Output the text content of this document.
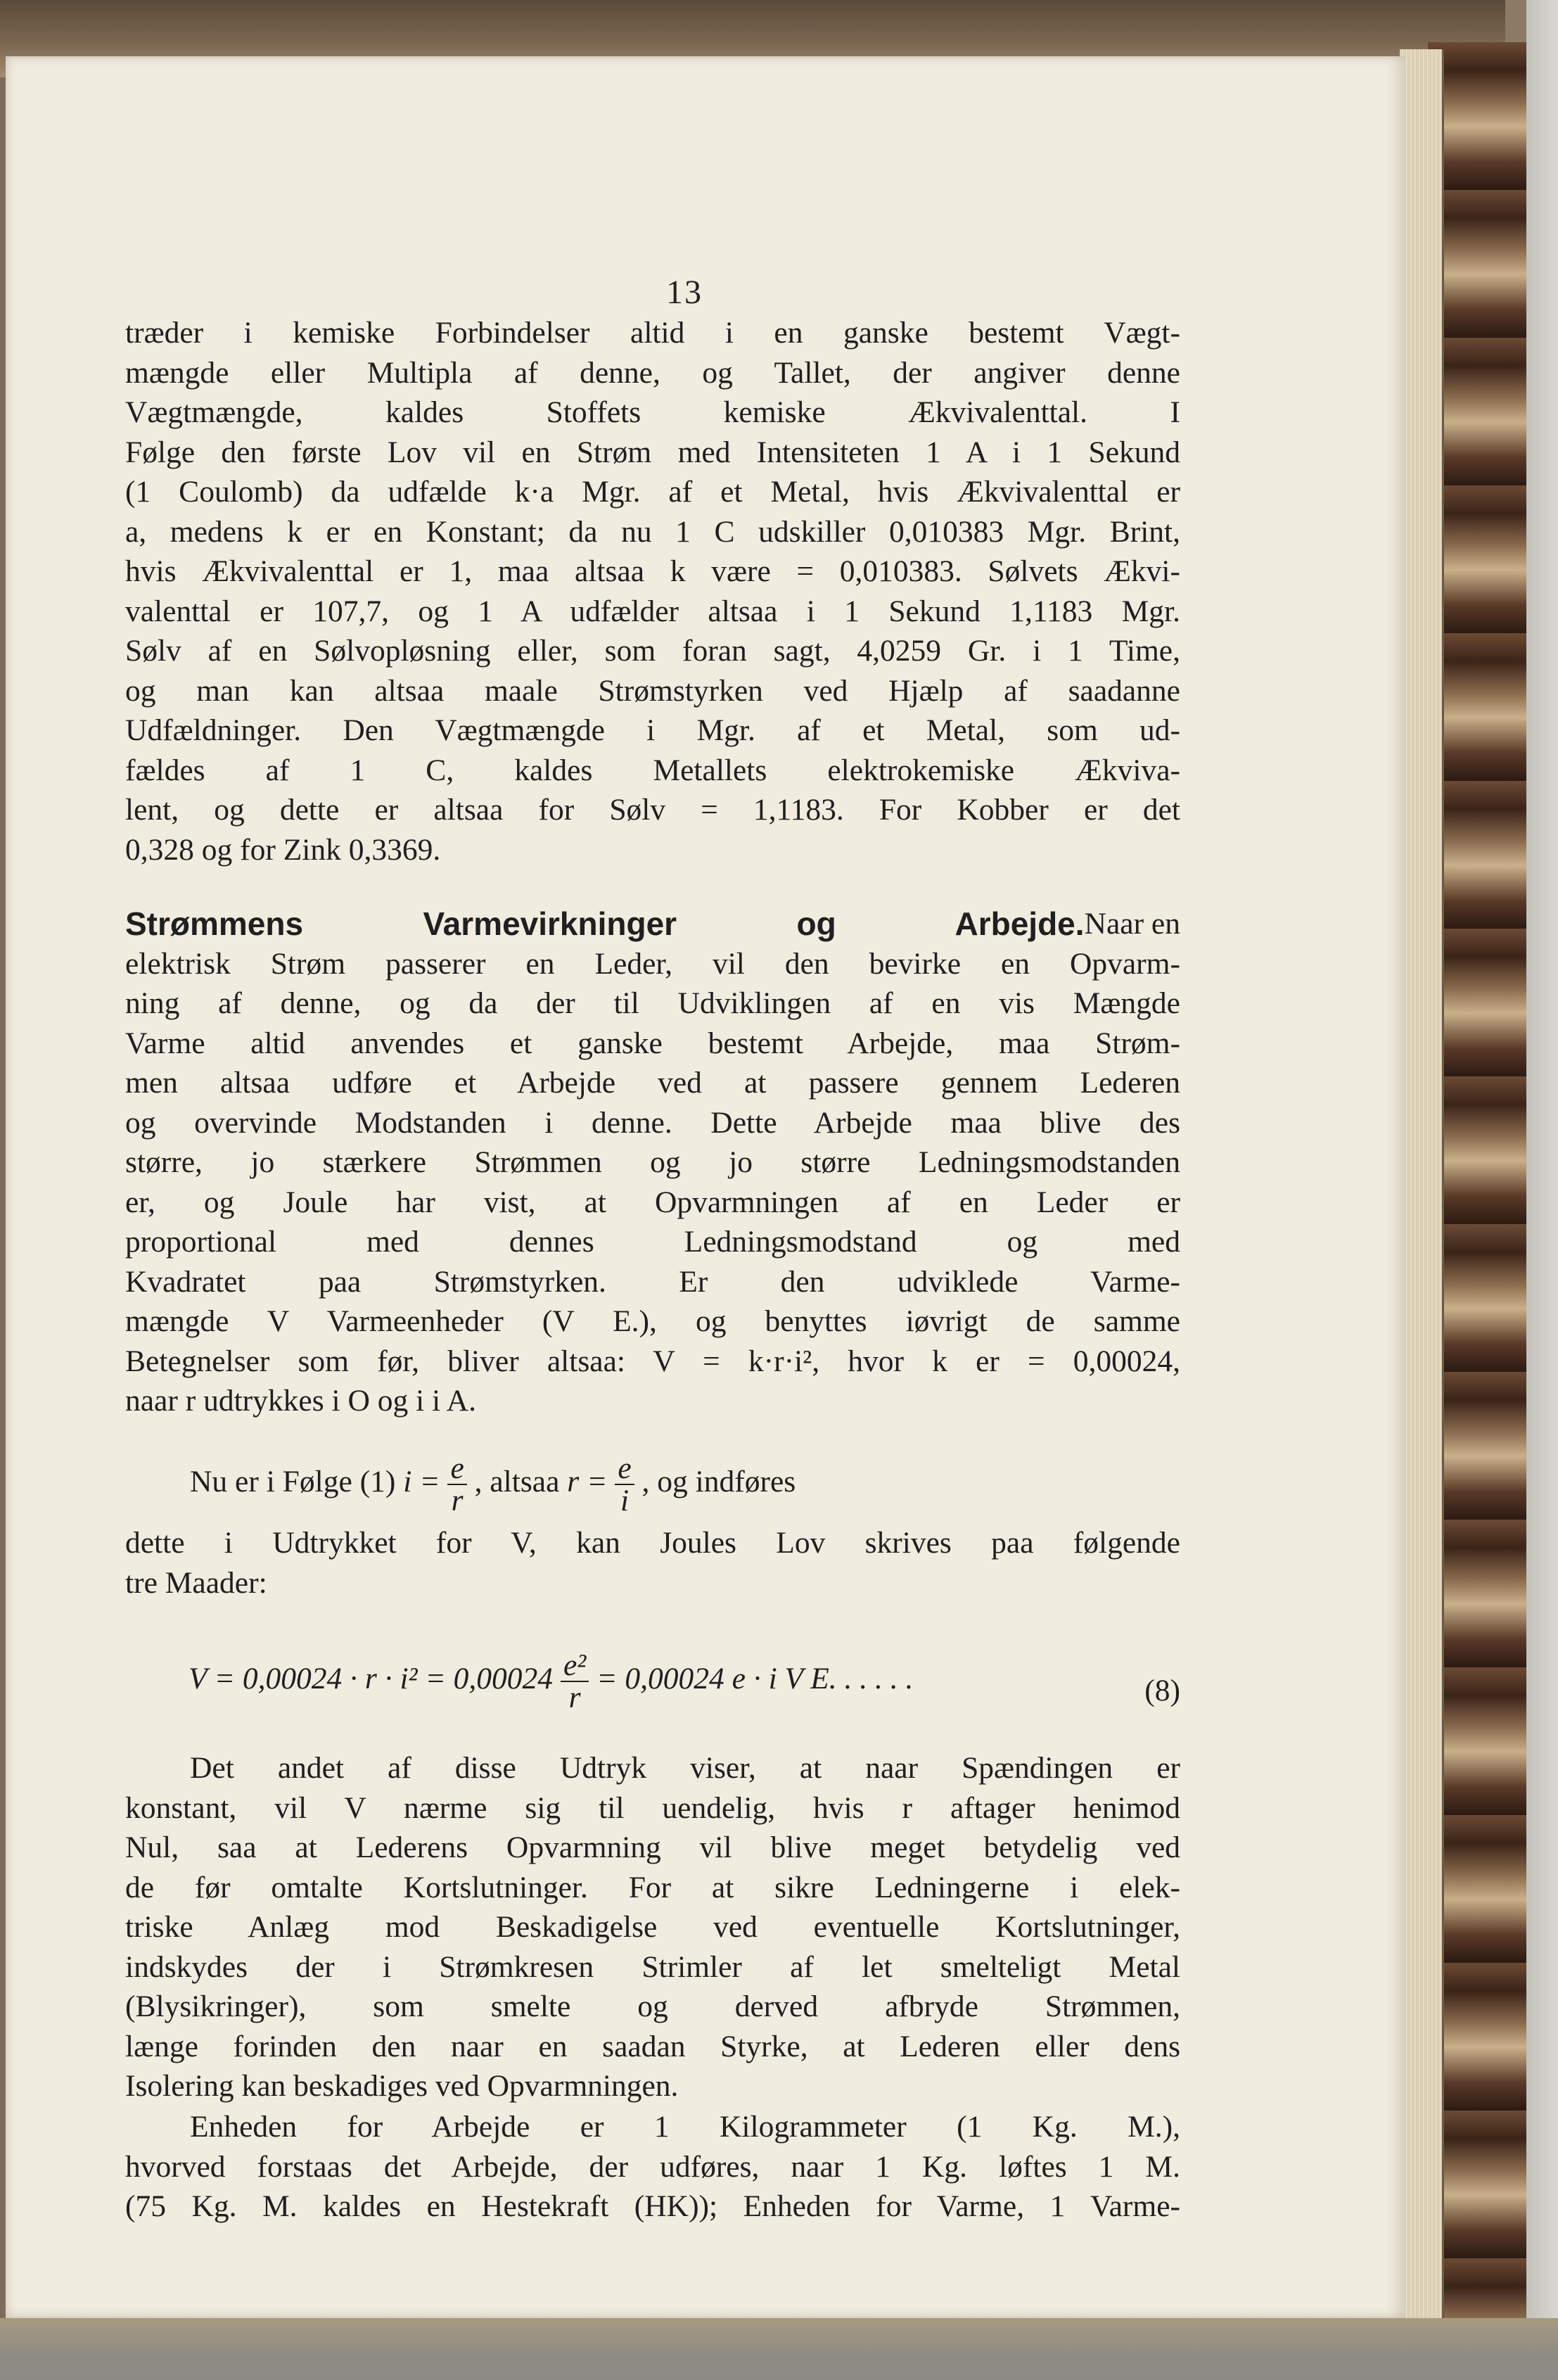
13
træder i kemiske Forbindelser altid i en ganske bestemt Vægt-
mængde eller Multipla af denne, og Tallet, der angiver denne
Vægtmængde, kaldes Stoffets kemiske Ækvivalenttal. I
Følge den første Lov vil en Strøm med Intensiteten 1 A i 1 Sekund
(1 Coulomb) da udfælde k·a Mgr. af et Metal, hvis Ækvivalenttal er
a, medens k er en Konstant; da nu 1 C udskiller 0,010383 Mgr. Brint,
hvis Ækvivalenttal er 1, maa altsaa k være = 0,010383. Sølvets Ækvi-
valenttal er 107,7, og 1 A udfælder altsaa i 1 Sekund 1,1183 Mgr.
Sølv af en Sølvopløsning eller, som foran sagt, 4,0259 Gr. i 1 Time,
og man kan altsaa maale Strømstyrken ved Hjælp af saadanne
Udfældninger. Den Vægtmængde i Mgr. af et Metal, som ud-
fældes af 1 C, kaldes Metallets elektrokemiske Ækviva-
lent, og dette er altsaa for Sølv = 1,1183. For Kobber er det
0,328 og for Zink 0,3369.
Strømmens Varmevirkninger og Arbejde. Naar en
elektrisk Strøm passerer en Leder, vil den bevirke en Opvarm-
ning af denne, og da der til Udviklingen af en vis Mængde
Varme altid anvendes et ganske bestemt Arbejde, maa Strøm-
men altsaa udføre et Arbejde ved at passere gennem Lederen
og overvinde Modstanden i denne. Dette Arbejde maa blive des
større, jo stærkere Strømmen og jo større Ledningsmodstanden
er, og Joule har vist, at Opvarmningen af en Leder er
proportional med dennes Ledningsmodstand og med
Kvadratet paa Strømstyrken. Er den udviklede Varme-
mængde V Varmeenheder (V E.), og benyttes iøvrigt de samme
Betegnelser som før, bliver altsaa: V = k·r·i², hvor k er = 0,00024,
naar r udtrykkes i O og i i A.
Nu er i Følge (1) $i = \frac{e}{r}$ , altsaa $r = \frac{e}{i}$ , og indføres
dette i Udtrykket for V, kan Joules Lov skrives paa følgende
tre Maader:
$V = 0,00024 \cdot r \cdot i^2 = 0,00024 \frac{\text{e²}}{r} = 0,00024$ e · i V E. . . . . .	(8)
Det andet af disse Udtryk viser, at naar Spændingen er
konstant, vil V nærme sig til uendelig, hvis r aftager henimod
Nul, saa at Lederens Opvarmning vil blive meget betydelig ved
de før omtalte Kortslutninger. For at sikre Ledningerne i elek-
triske Anlæg mod Beskadigelse ved eventuelle Kortslutninger,
indskydes der i Strømkresen Strimler af let smelteligt Metal
(Blysikringer), som smelte og derved afbryde Strømmen,
længe forinden den naar en saadan Styrke, at Lederen eller dens
Isolering kan beskadiges ved Opvarmningen.
Enheden for Arbejde er 1 Kilogrammeter (1 Kg. M.),
hvorved forstaas det Arbejde, der udføres, naar 1 Kg. løftes 1 M.
(75 Kg. M. kaldes en Hestekraft (HK)); Enheden for Varme, 1 Varme-
